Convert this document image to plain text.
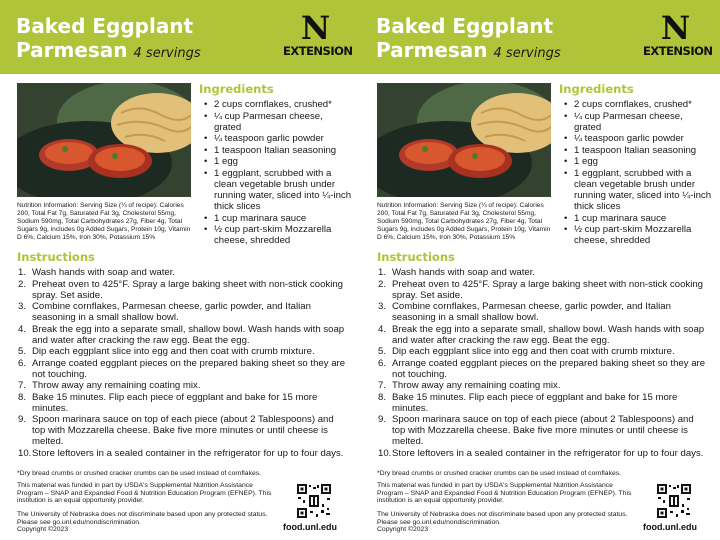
Baked Eggplant
Parmesan 4 servings
N
EXTENSION
Nutrition Information: Serving Size (¼ of recipe): Calories 200, Total Fat 7g, Saturated Fat 3g, Cholesterol 55mg, Sodium 590mg, Total Carbohydrates 27g, Fiber 4g, Total Sugars 9g, includes 0g Added Sugars, Protein 10g, Vitamin D 6%, Calcium 15%, Iron 30%, Potassium 15%
Ingredients
• 2 cups cornflakes, crushed*
• ¼ cup Parmesan cheese, grated
• ¼ teaspoon garlic powder
• 1 teaspoon Italian seasoning
• 1 egg
• 1 eggplant, scrubbed with a clean vegetable brush under running water, sliced into ¼-inch thick slices
• 1 cup marinara sauce
• ½ cup part-skim Mozzarella cheese, shredded
Instructions
1. Wash hands with soap and water.
2. Preheat oven to 425°F. Spray a large baking sheet with non-stick cooking spray. Set aside.
3. Combine cornflakes, Parmesan cheese, garlic powder, and Italian seasoning in a small shallow bowl.
4. Break the egg into a separate small, shallow bowl. Wash hands with soap and water after cracking the raw egg. Beat the egg.
5. Dip each eggplant slice into egg and then coat with crumb mixture.
6. Arrange coated eggplant pieces on the prepared baking sheet so they are not touching.
7. Throw away any remaining coating mix.
8. Bake 15 minutes. Flip each piece of eggplant and bake for 15 more minutes.
9. Spoon marinara sauce on top of each piece (about 2 Tablespoons) and top with Mozzarella cheese. Bake five more minutes or until cheese is melted.
10. Store leftovers in a sealed container in the refrigerator for up to four days.
*Dry bread crumbs or crushed cracker crumbs can be used instead of cornflakes.
This material was funded in part by USDA's Supplemental Nutrition Assistance Program – SNAP and Expanded Food & Nutrition Education Program (EFNEP). This institution is an equal opportunity provider.
The University of Nebraska does not discriminate based upon any protected status. Please see go.unl.edu/nondiscrimination.
Copyright ©2023	food.unl.edu
Baked Eggplant
Parmesan 4 servings
N
EXTENSION
Nutrition Information: Serving Size (¼ of recipe): Calories 200, Total Fat 7g, Saturated Fat 3g, Cholesterol 55mg, Sodium 590mg, Total Carbohydrates 27g, Fiber 4g, Total Sugars 9g, includes 0g Added Sugars, Protein 10g, Vitamin D 6%, Calcium 15%, Iron 30%, Potassium 15%
Ingredients
• 2 cups cornflakes, crushed*
• ¼ cup Parmesan cheese, grated
• ¼ teaspoon garlic powder
• 1 teaspoon Italian seasoning
• 1 egg
• 1 eggplant, scrubbed with a clean vegetable brush under running water, sliced into ¼-inch thick slices
• 1 cup marinara sauce
• ½ cup part-skim Mozzarella cheese, shredded
Instructions
1. Wash hands with soap and water.
2. Preheat oven to 425°F. Spray a large baking sheet with non-stick cooking spray. Set aside.
3. Combine cornflakes, Parmesan cheese, garlic powder, and Italian seasoning in a small shallow bowl.
4. Break the egg into a separate small, shallow bowl. Wash hands with soap and water after cracking the raw egg. Beat the egg.
5. Dip each eggplant slice into egg and then coat with crumb mixture.
6. Arrange coated eggplant pieces on the prepared baking sheet so they are not touching.
7. Throw away any remaining coating mix.
8. Bake 15 minutes. Flip each piece of eggplant and bake for 15 more minutes.
9. Spoon marinara sauce on top of each piece (about 2 Tablespoons) and top with Mozzarella cheese. Bake five more minutes or until cheese is melted.
10. Store leftovers in a sealed container in the refrigerator for up to four days.
*Dry bread crumbs or crushed cracker crumbs can be used instead of cornflakes.
This material was funded in part by USDA's Supplemental Nutrition Assistance Program – SNAP and Expanded Food & Nutrition Education Program (EFNEP). This institution is an equal opportunity provider.
The University of Nebraska does not discriminate based upon any protected status. Please see go.unl.edu/nondiscrimination.
Copyright ©2023	food.unl.edu
